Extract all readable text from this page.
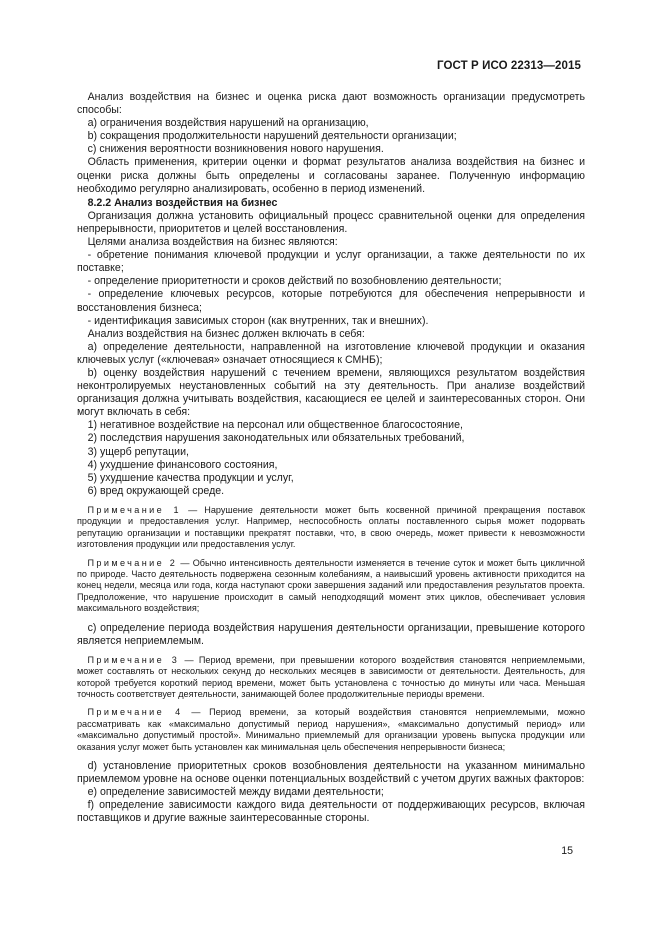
ГОСТ Р ИСО 22313—2015

Анализ воздействия на бизнес и оценка риска дают возможность организации предусмотреть способы:

a) ограничения воздействия нарушений на организацию,

b) сокращения продолжительности нарушений деятельности организации;

c) снижения вероятности возникновения нового нарушения.

Область применения, критерии оценки и формат результатов анализа воздействия на бизнес и оценки риска должны быть определены и согласованы заранее. Полученную информацию необходимо регулярно анализировать, особенно в период изменений.

8.2.2 Анализ воздействия на бизнес

Организация должна установить официальный процесс сравнительной оценки для определения непрерывности, приоритетов и целей восстановления.

Целями анализа воздействия на бизнес являются:

- обретение понимания ключевой продукции и услуг организации, а также деятельности по их поставке;

- определение приоритетности и сроков действий по возобновлению деятельности;

- определение ключевых ресурсов, которые потребуются для обеспечения непрерывности и восстановления бизнеса;

- идентификация зависимых сторон (как внутренних, так и внешних).

Анализ воздействия на бизнес должен включать в себя:

a) определение деятельности, направленной на изготовление ключевой продукции и оказания ключевых услуг («ключевая» означает относящиеся к СМНБ);

b) оценку воздействия нарушений с течением времени, являющихся результатом воздействия неконтролируемых неустановленных событий на эту деятельность. При анализе воздействий организация должна учитывать воздействия, касающиеся ее целей и заинтересованных сторон. Они могут включать в себя:

1) негативное воздействие на персонал или общественное благосостояние,

2) последствия нарушения законодательных или обязательных требований,

3) ущерб репутации,

4) ухудшение финансового состояния,

5) ухудшение качества продукции и услуг,

6) вред окружающей среде.

Примечание 1 — Нарушение деятельности может быть косвенной причиной прекращения поставок продукции и предоставления услуг. Например, неспособность оплаты поставленного сырья может подорвать репутацию организации и поставщики прекратят поставки, что, в свою очередь, может привести к невозможности изготовления продукции или предоставления услуг.

Примечание 2 — Обычно интенсивность деятельности изменяется в течение суток и может быть цикличной по природе. Часто деятельность подвержена сезонным колебаниям, а наивысший уровень активности приходится на конец недели, месяца или года, когда наступают сроки завершения заданий или предоставления результатов проекта. Предположение, что нарушение происходит в самый неподходящий момент этих циклов, обеспечивает условия максимального воздействия;

c) определение периода воздействия нарушения деятельности организации, превышение которого является неприемлемым.

Примечание 3 — Период времени, при превышении которого воздействия становятся неприемлемыми, может составлять от нескольких секунд до нескольких месяцев в зависимости от деятельности. Деятельность, для которой требуется короткий период времени, может быть установлена с точностью до минуты или часа. Меньшая точность соответствует деятельности, занимающей более продолжительные периоды времени.

Примечание 4 — Период времени, за который воздействия становятся неприемлемыми, можно рассматривать как «максимально допустимый период нарушения», «максимально допустимый период» или «максимально допустимый простой». Минимально приемлемый для организации уровень выпуска продукции или оказания услуг может быть установлен как минимальная цель обеспечения непрерывности бизнеса;

d) установление приоритетных сроков возобновления деятельности на указанном минимально приемлемом уровне на основе оценки потенциальных воздействий с учетом других важных факторов:

e) определение зависимостей между видами деятельности;

f) определение зависимости каждого вида деятельности от поддерживающих ресурсов, включая поставщиков и другие важные заинтересованные стороны.

15
